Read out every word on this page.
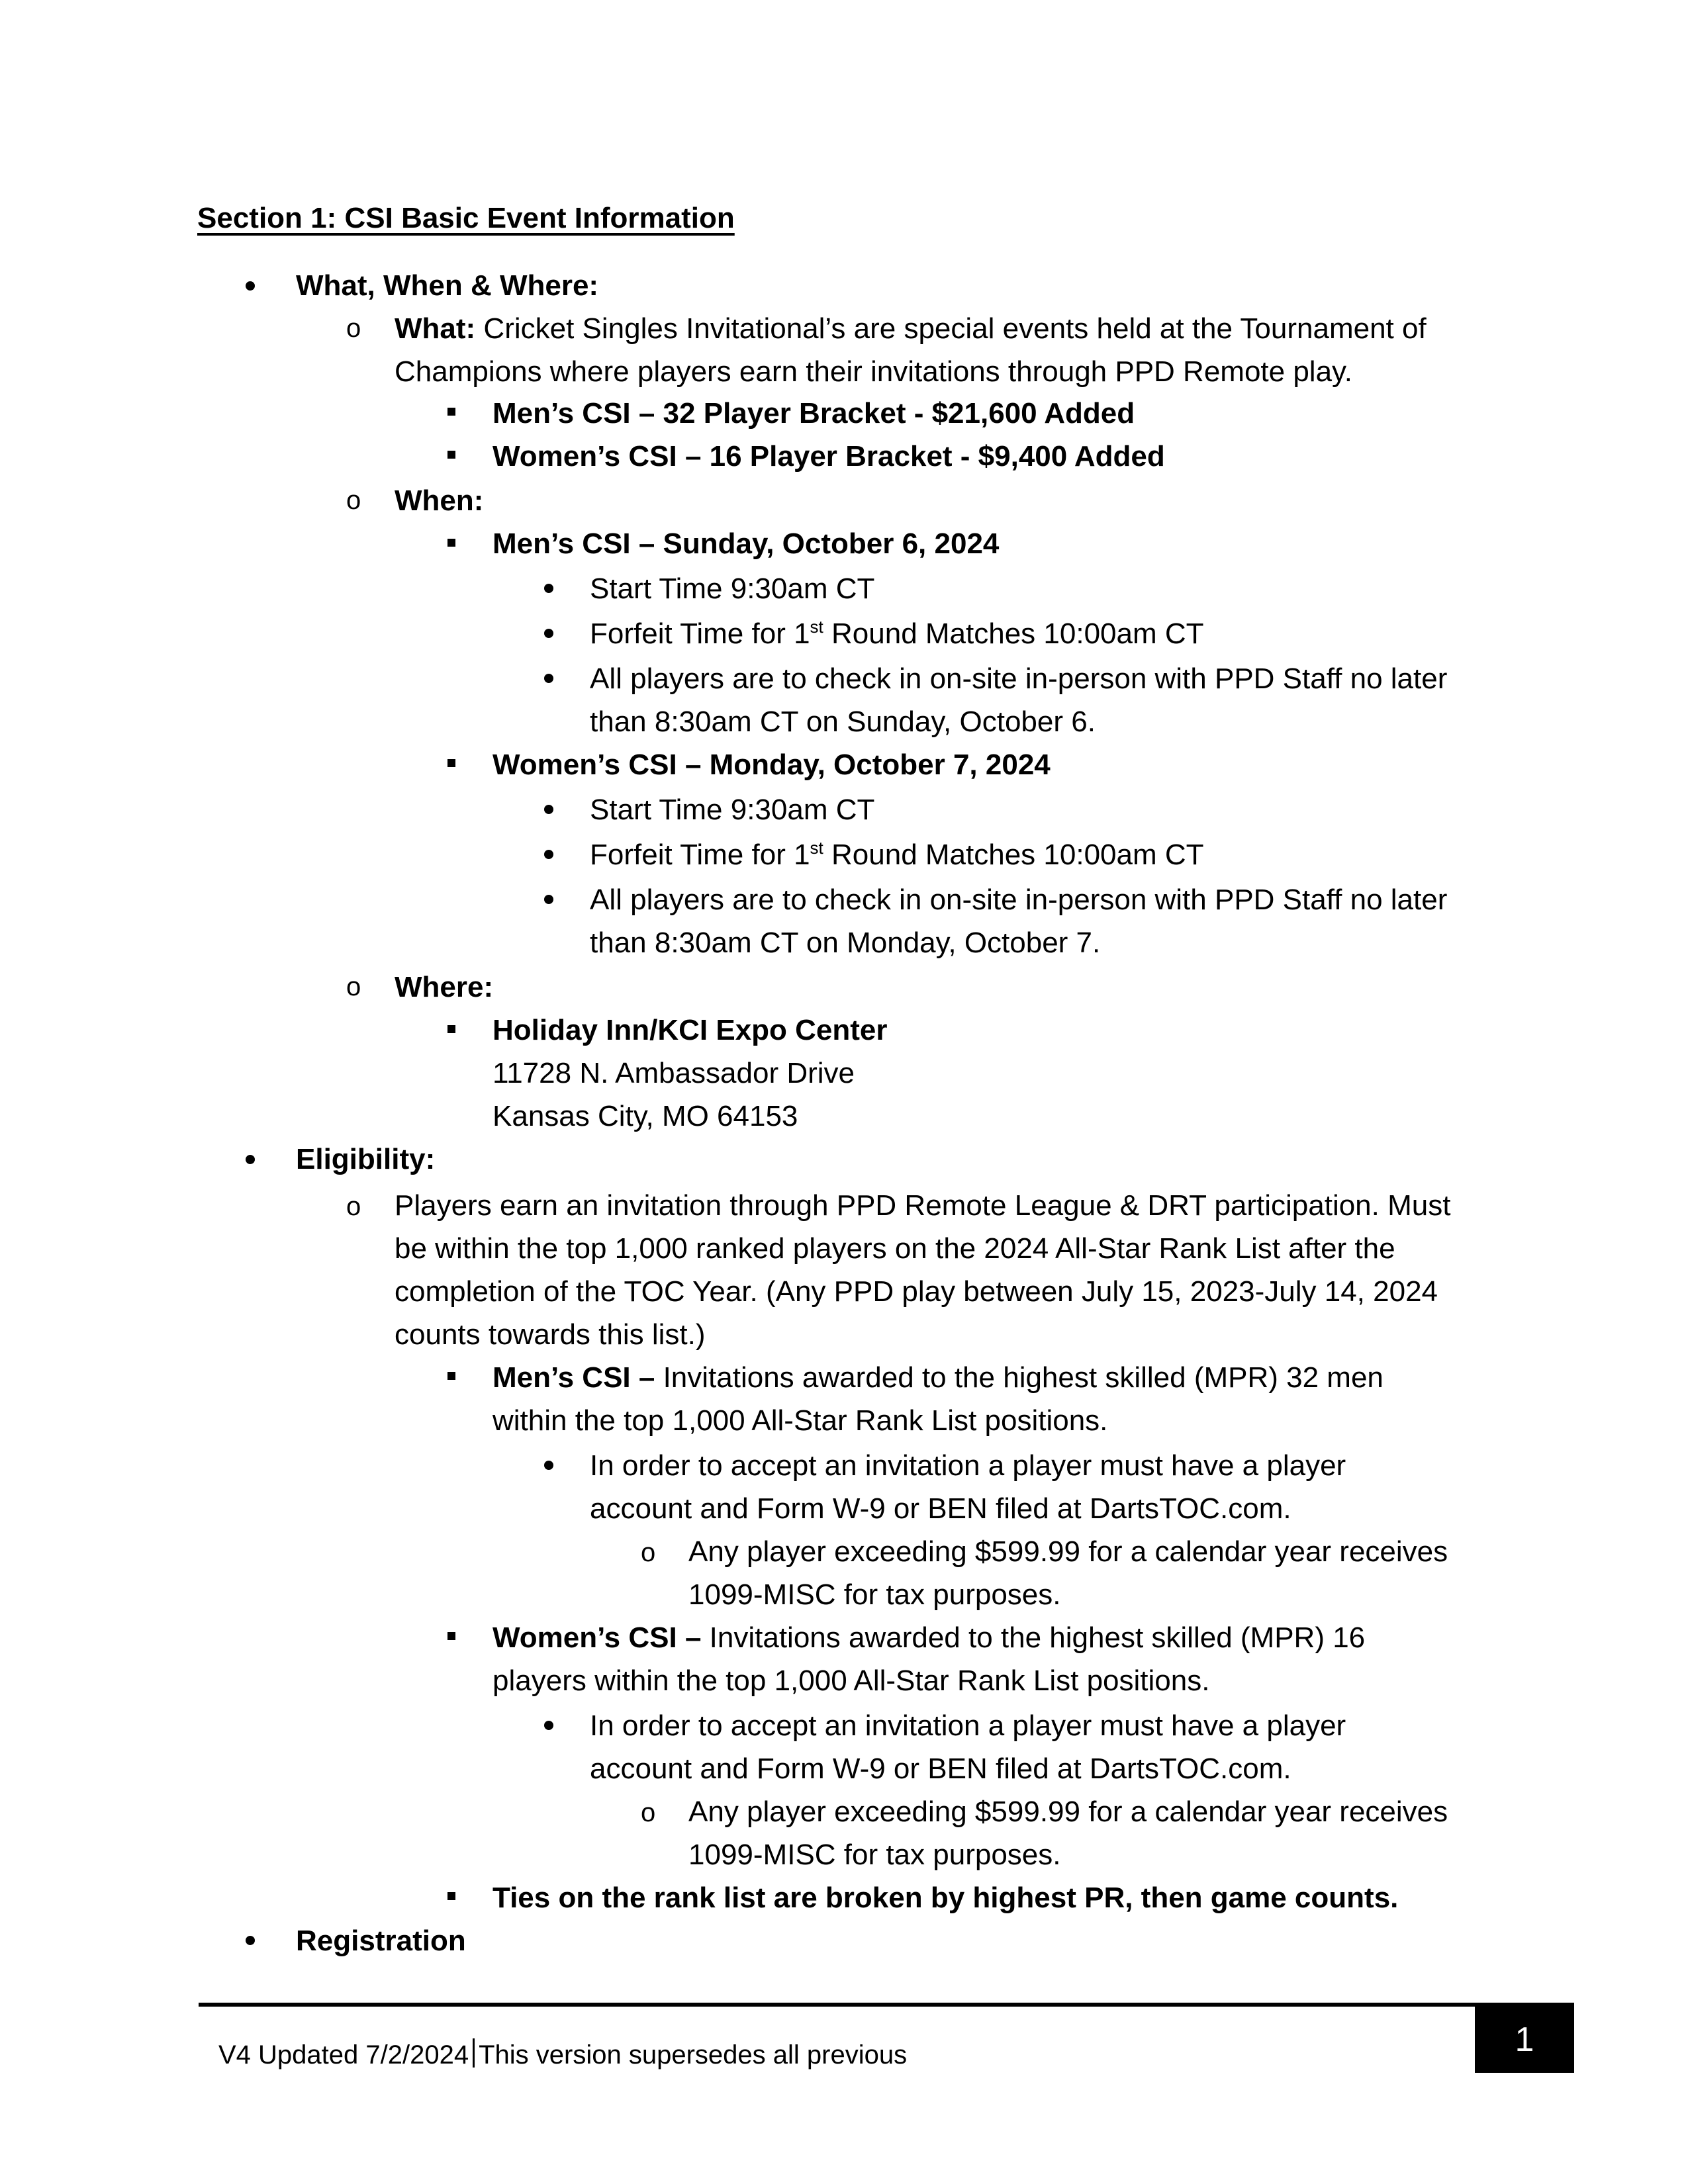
Section 1: CSI Basic Event Information
What, When & Where:
o What: Cricket Singles Invitational’s are special events held at the Tournament of
Champions where players earn their invitations through PPD Remote play.
Men’s CSI – 32 Player Bracket - $21,600 Added
Women’s CSI – 16 Player Bracket - $9,400 Added
o When:
Men’s CSI – Sunday, October 6, 2024
Start Time 9:30am CT
Forfeit Time for 1st Round Matches 10:00am CT
All players are to check in on-site in-person with PPD Staff no later
than 8:30am CT on Sunday, October 6.
Women’s CSI – Monday, October 7, 2024
Start Time 9:30am CT
Forfeit Time for 1st Round Matches 10:00am CT
All players are to check in on-site in-person with PPD Staff no later
than 8:30am CT on Monday, October 7.
o Where:
Holiday Inn/KCI Expo Center
11728 N. Ambassador Drive
Kansas City, MO 64153
Eligibility:
o Players earn an invitation through PPD Remote League & DRT participation. Must
be within the top 1,000 ranked players on the 2024 All-Star Rank List after the
completion of the TOC Year. (Any PPD play between July 15, 2023-July 14, 2024
counts towards this list.)
Men’s CSI – Invitations awarded to the highest skilled (MPR) 32 men
within the top 1,000 All-Star Rank List positions.
In order to accept an invitation a player must have a player
account and Form W-9 or BEN filed at DartsTOC.com.
o Any player exceeding $599.99 for a calendar year receives
1099-MISC for tax purposes.
Women’s CSI – Invitations awarded to the highest skilled (MPR) 16
players within the top 1,000 All-Star Rank List positions.
In order to accept an invitation a player must have a player
account and Form W-9 or BEN filed at DartsTOC.com.
o Any player exceeding $599.99 for a calendar year receives
1099-MISC for tax purposes.
Ties on the rank list are broken by highest PR, then game counts.
Registration
V4 Updated 7/2/2024 This version supersedes all previous	1
